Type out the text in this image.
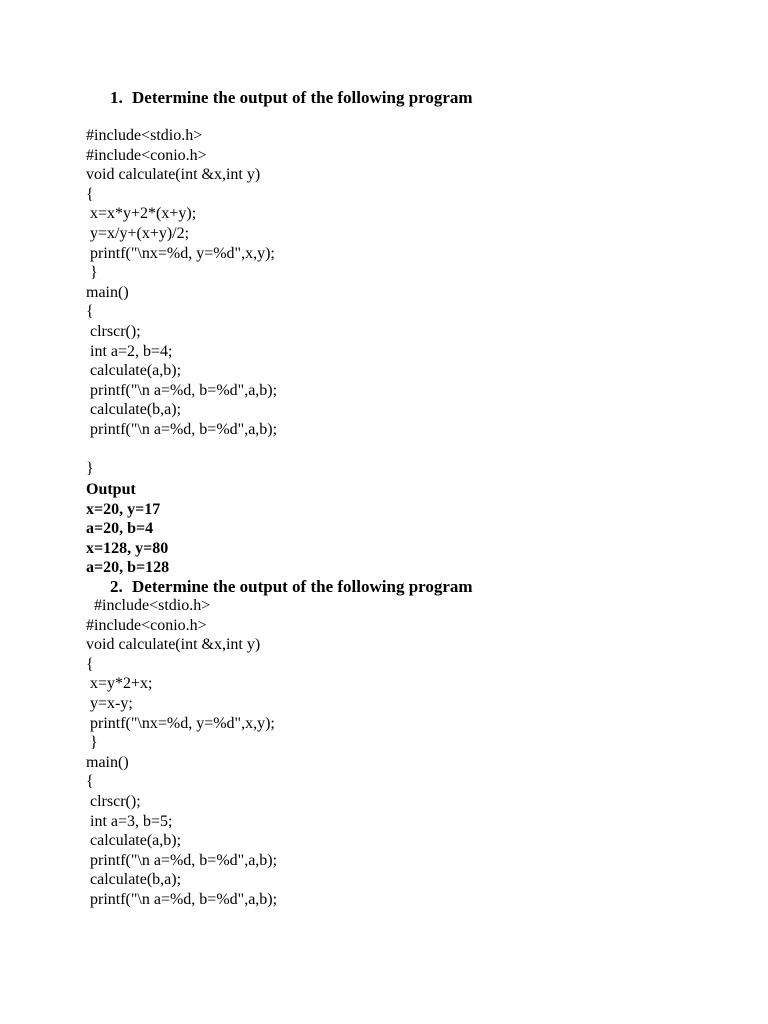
1. Determine the output of the following program
#include<stdio.h>
#include<conio.h>
void calculate(int &x,int y)
{
x=x*y+2*(x+y);
y=x/y+(x+y)/2;
printf("\nx=%d, y=%d",x,y);
}
main()
{
clrscr();
int a=2, b=4;
calculate(a,b);
printf("\n a=%d, b=%d",a,b);
calculate(b,a);
printf("\n a=%d, b=%d",a,b);
}
Output
x=20, y=17
a=20, b=4
x=128, y=80
a=20, b=128
2. Determine the output of the following program
#include<stdio.h>
#include<conio.h>
void calculate(int &x,int y)
{
x=y*2+x;
y=x-y;
printf("\nx=%d, y=%d",x,y);
}
main()
{
clrscr();
int a=3, b=5;
calculate(a,b);
printf("\n a=%d, b=%d",a,b);
calculate(b,a);
printf("\n a=%d, b=%d",a,b);
